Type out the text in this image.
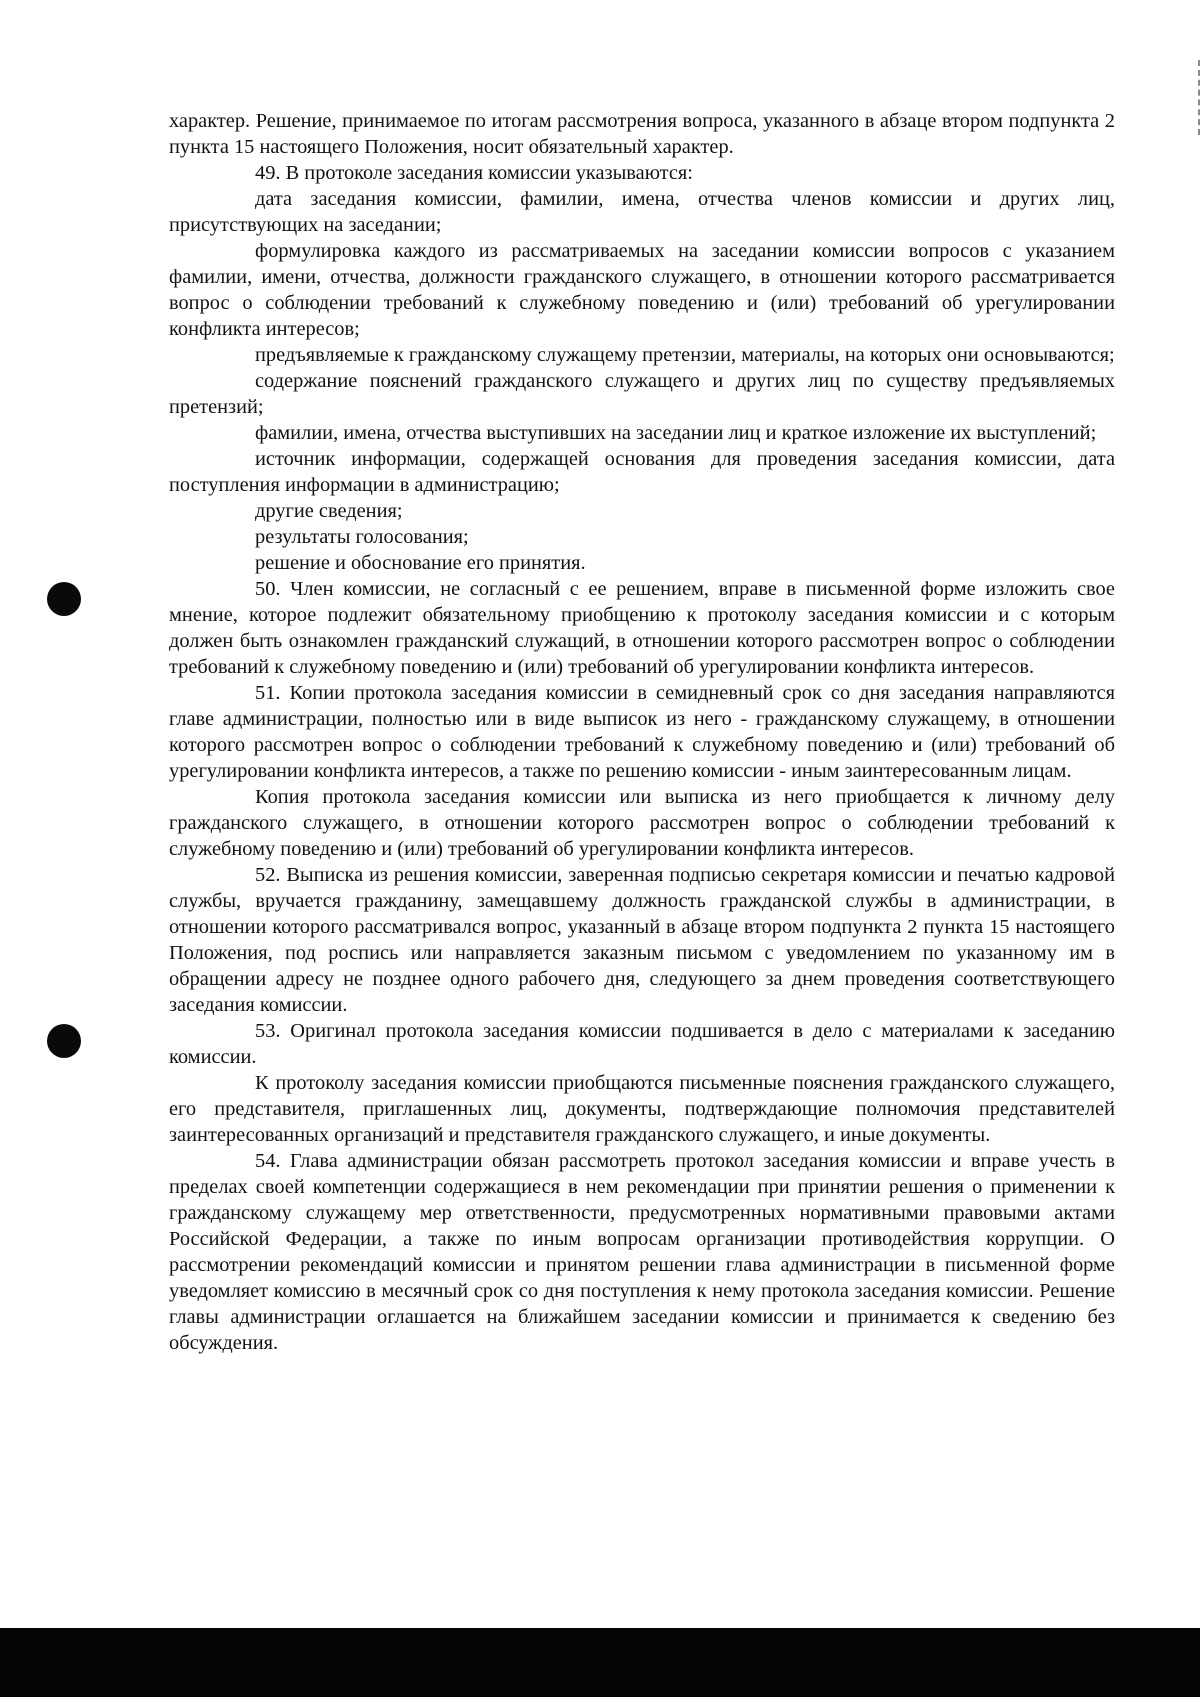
характер. Решение, принимаемое по итогам рассмотрения вопроса, указанного в абзаце втором подпункта 2 пункта 15 настоящего Положения, носит обязательный характер.

49. В протоколе заседания комиссии указываются:

дата заседания комиссии, фамилии, имена, отчества членов комиссии и других лиц, присутствующих на заседании;

формулировка каждого из рассматриваемых на заседании комиссии вопросов с указанием фамилии, имени, отчества, должности гражданского служащего, в отношении которого рассматривается вопрос о соблюдении требований к служебному поведению и (или) требований об урегулировании конфликта интересов;

предъявляемые к гражданскому служащему претензии, материалы, на которых они основываются;

содержание пояснений гражданского служащего и других лиц по существу предъявляемых претензий;

фамилии, имена, отчества выступивших на заседании лиц и краткое изложение их выступлений;

источник информации, содержащей основания для проведения заседания комиссии, дата поступления информации в администрацию;

другие сведения;

результаты голосования;

решение и обоснование его принятия.

50. Член комиссии, не согласный с ее решением, вправе в письменной форме изложить свое мнение, которое подлежит обязательному приобщению к протоколу заседания комиссии и с которым должен быть ознакомлен гражданский служащий, в отношении которого рассмотрен вопрос о соблюдении требований к служебному поведению и (или) требований об урегулировании конфликта интересов.

51. Копии протокола заседания комиссии в семидневный срок со дня заседания направляются главе администрации, полностью или в виде выписок из него - гражданскому служащему, в отношении которого рассмотрен вопрос о соблюдении требований к служебному поведению и (или) требований об урегулировании конфликта интересов, а также по решению комиссии - иным заинтересованным лицам.

Копия протокола заседания комиссии или выписка из него приобщается к личному делу гражданского служащего, в отношении которого рассмотрен вопрос о соблюдении требований к служебному поведению и (или) требований об урегулировании конфликта интересов.

52. Выписка из решения комиссии, заверенная подписью секретаря комиссии и печатью кадровой службы, вручается гражданину, замещавшему должность гражданской службы в администрации, в отношении которого рассматривался вопрос, указанный в абзаце втором подпункта 2 пункта 15 настоящего Положения, под роспись или направляется заказным письмом с уведомлением по указанному им в обращении адресу не позднее одного рабочего дня, следующего за днем проведения соответствующего заседания комиссии.

53. Оригинал протокола заседания комиссии подшивается в дело с материалами к заседанию комиссии.

К протоколу заседания комиссии приобщаются письменные пояснения гражданского служащего, его представителя, приглашенных лиц, документы, подтверждающие полномочия представителей заинтересованных организаций и представителя гражданского служащего, и иные документы.

54. Глава администрации обязан рассмотреть протокол заседания комиссии и вправе учесть в пределах своей компетенции содержащиеся в нем рекомендации при принятии решения о применении к гражданскому служащему мер ответственности, предусмотренных нормативными правовыми актами Российской Федерации, а также по иным вопросам организации противодействия коррупции. О рассмотрении рекомендаций комиссии и принятом решении глава администрации в письменной форме уведомляет комиссию в месячный срок со дня поступления к нему протокола заседания комиссии. Решение главы администрации оглашается на ближайшем заседании комиссии и принимается к сведению без обсуждения.
